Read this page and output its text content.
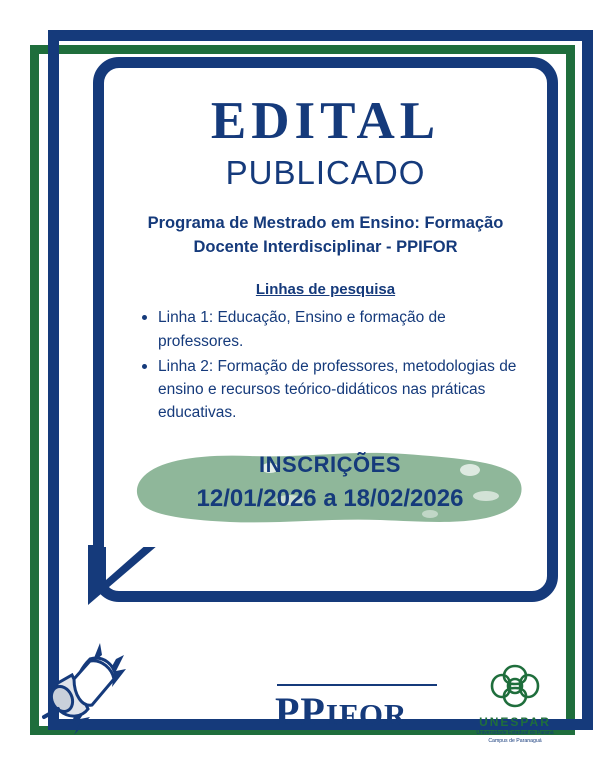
EDITAL
PUBLICADO
Programa de Mestrado em Ensino: Formação Docente Interdisciplinar - PPIFOR
Linhas de pesquisa
Linha 1: Educação, Ensino e formação de professores.
Linha 2: Formação de professores, metodologias de ensino e recursos teórico-didáticos nas práticas educativas.
INSCRIÇÕES
12/01/2026 a 18/02/2026
PPIFOR	UNESPAR
Universidade Estadual do Paraná
Campus de Paranaguá
